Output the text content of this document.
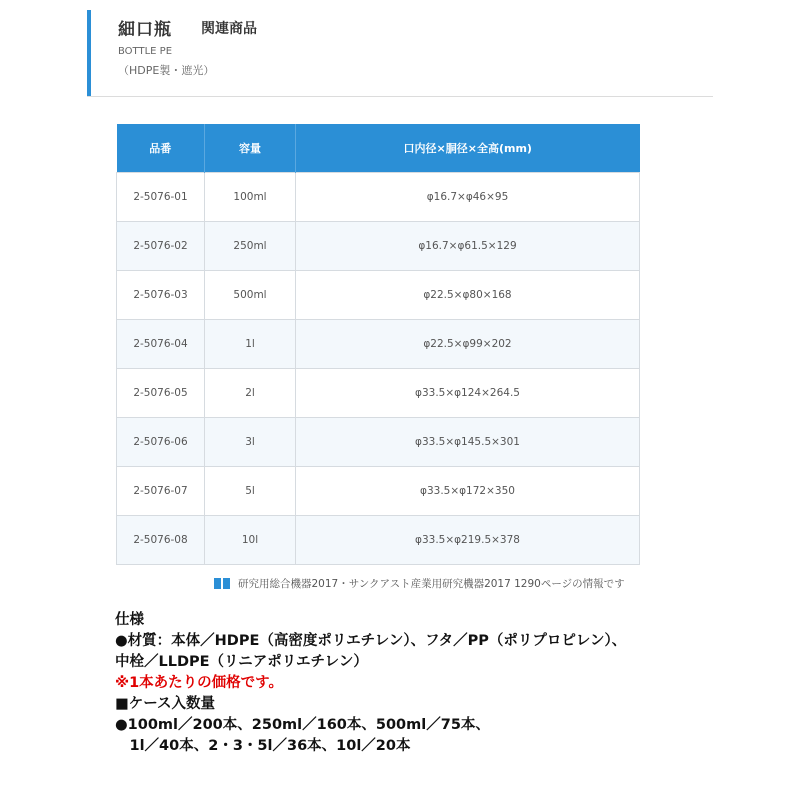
細口瓶 関連商品
BOTTLE PE
（HDPE製・遮光）
品番	容量	口内径×胴径×全高(mm)
2-5076-01	100ml	φ16.7×φ46×95
2-5076-02	250ml	φ16.7×φ61.5×129
2-5076-03	500ml	φ22.5×φ80×168
2-5076-04	1l	φ22.5×φ99×202
2-5076-05	2l	φ33.5×φ124×264.5
2-5076-06	3l	φ33.5×φ145.5×301
2-5076-07	5l	φ33.5×φ172×350
2-5076-08	10l	φ33.5×φ219.5×378
研究用総合機器2017・サンクアスト産業用研究機器2017 1290ページの情報です
仕様
●材質：本体／HDPE（高密度ポリエチレン）、フタ／PP（ポリプロピレン）、
中栓／LLDPE（リニアポリエチレン）
※1本あたりの価格です。
■ケース入数量
●100ml／200本、250ml／160本、500ml／75本、
　1l／40本、2・3・5l／36本、10l／20本
